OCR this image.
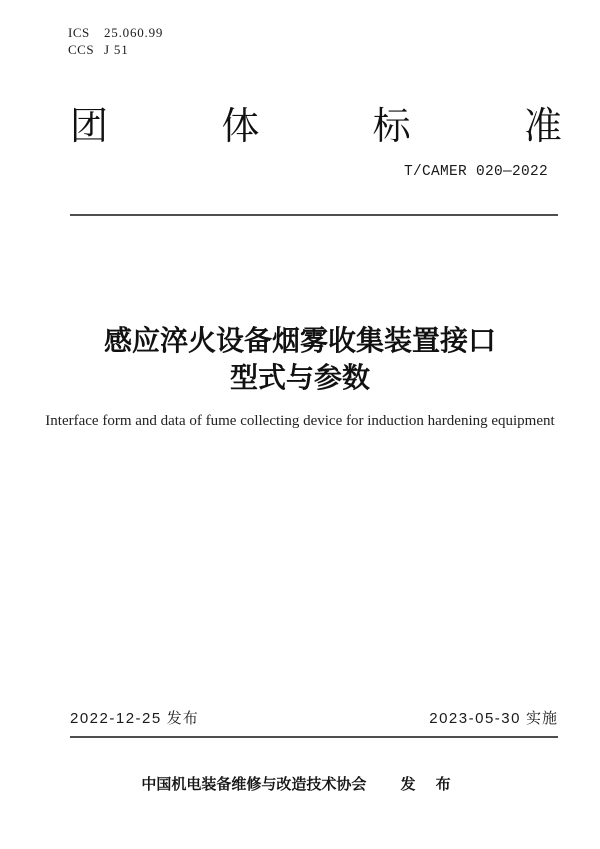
ICS	25.060.99
CCS J 51
团	体	标	准
T/CAMER 020—2022
感应淬火设备烟雾收集装置接口
型式与参数
Interface form and data of fume collecting device for induction hardening equipment
2022-12-25 发布	2023-05-30 实施
中国机电装备维修与改造技术协会 发 布
